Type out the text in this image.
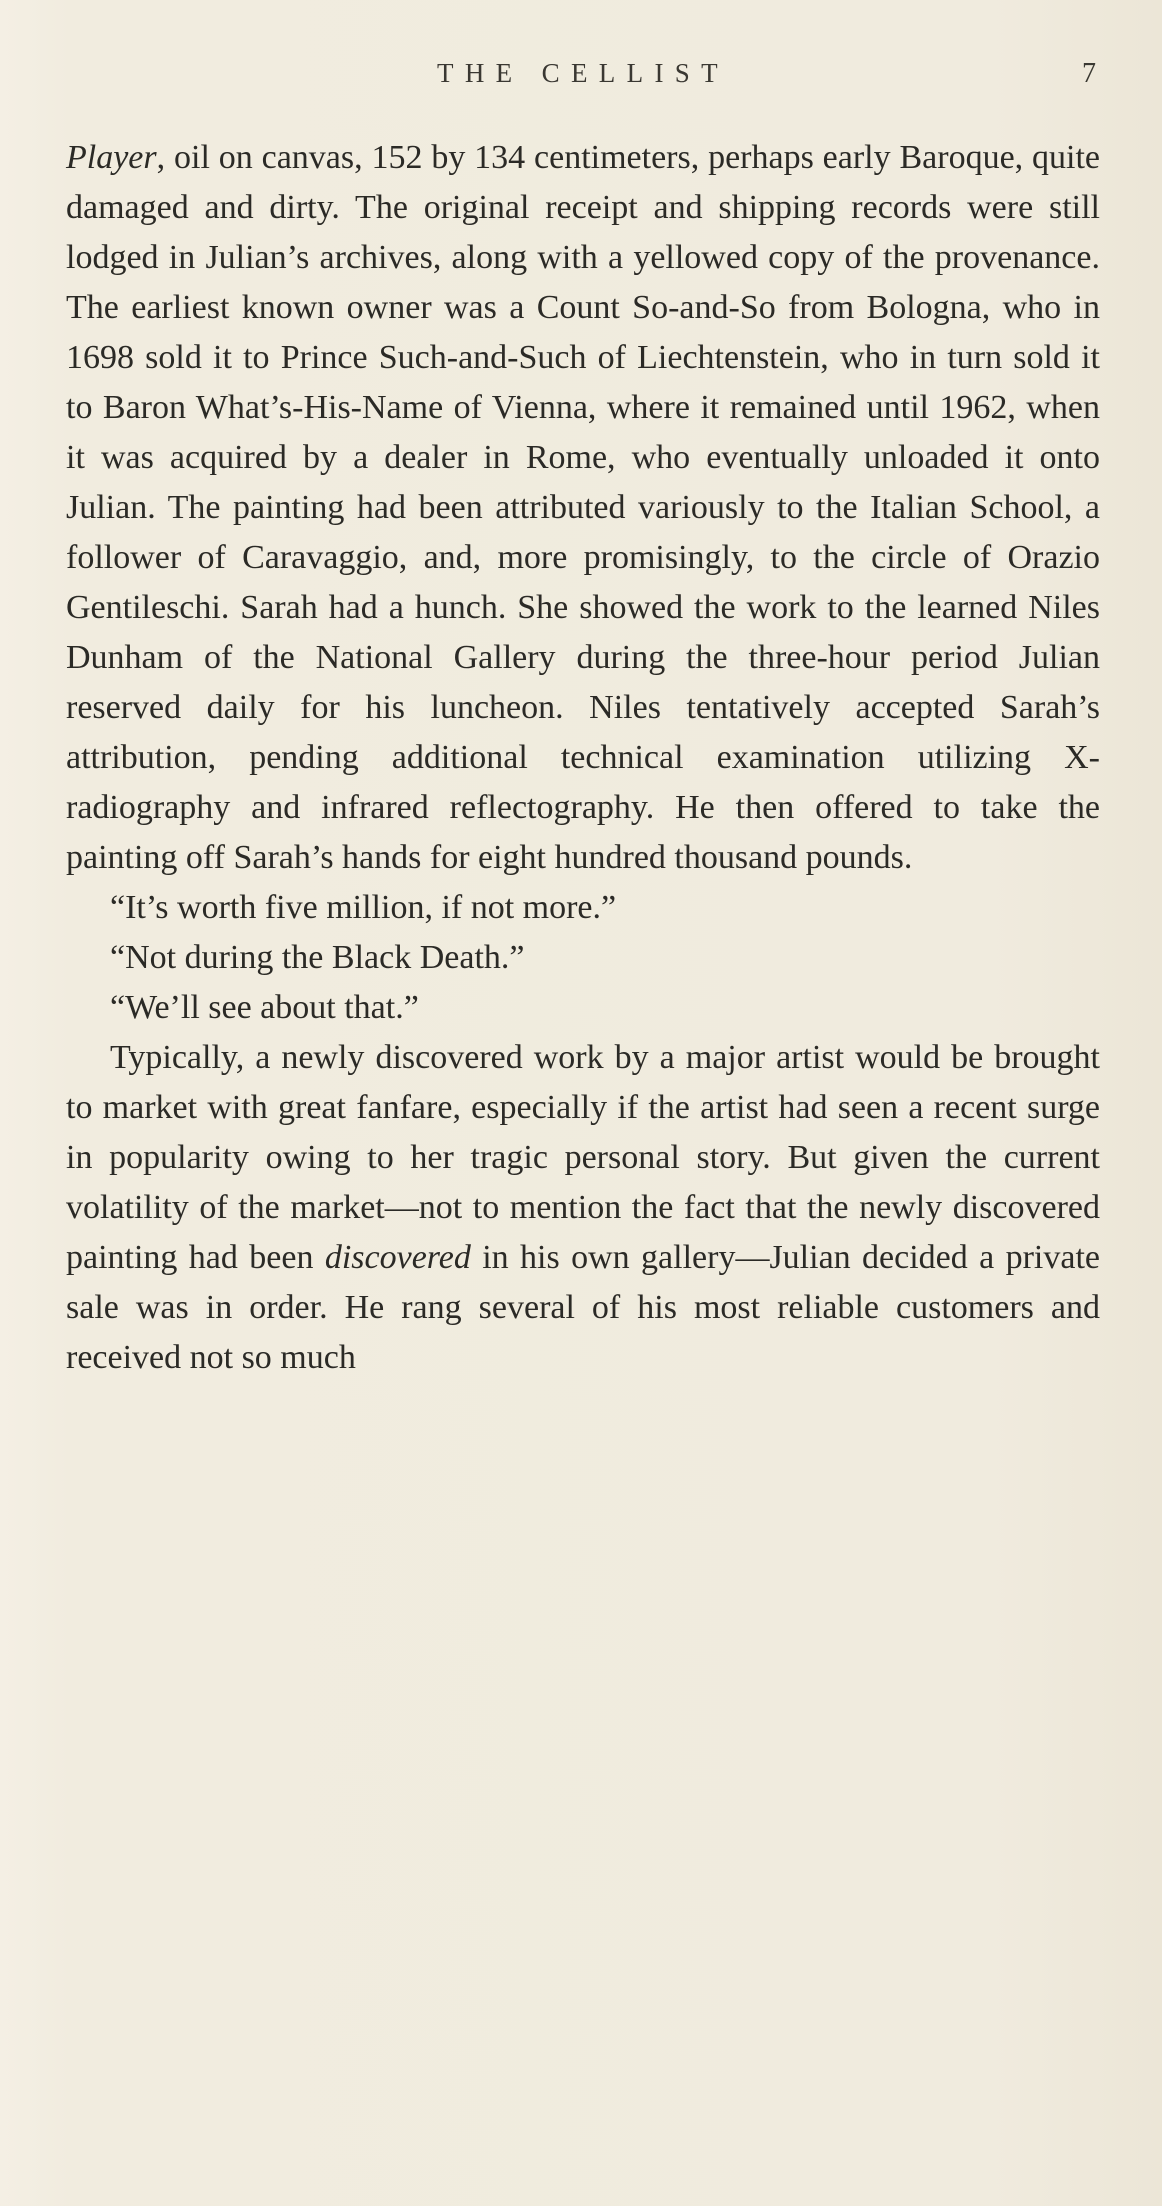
THE CELLIST	7

Player, oil on canvas, 152 by 134 centimeters, perhaps early Baroque, quite damaged and dirty. The original receipt and shipping records were still lodged in Julian’s archives, along with a yellowed copy of the provenance. The earliest known owner was a Count So-and-So from Bologna, who in 1698 sold it to Prince Such-and-Such of Liechtenstein, who in turn sold it to Baron What’s-His-Name of Vienna, where it remained until 1962, when it was acquired by a dealer in Rome, who eventually unloaded it onto Julian. The painting had been attributed variously to the Italian School, a follower of Caravaggio, and, more promisingly, to the circle of Orazio Gentileschi. Sarah had a hunch. She showed the work to the learned Niles Dunham of the National Gallery during the three-hour period Julian reserved daily for his luncheon. Niles tentatively accepted Sarah’s attribution, pending additional technical examination utilizing X-radiography and infrared reflectography. He then offered to take the painting off Sarah’s hands for eight hundred thousand pounds.

“It’s worth five million, if not more.”

“Not during the Black Death.”

“We’ll see about that.”

Typically, a newly discovered work by a major artist would be brought to market with great fanfare, especially if the artist had seen a recent surge in popularity owing to her tragic personal story. But given the current volatility of the market—not to mention the fact that the newly discovered painting had been discovered in his own gallery—Julian decided a private sale was in order. He rang several of his most reliable customers and received not so much
